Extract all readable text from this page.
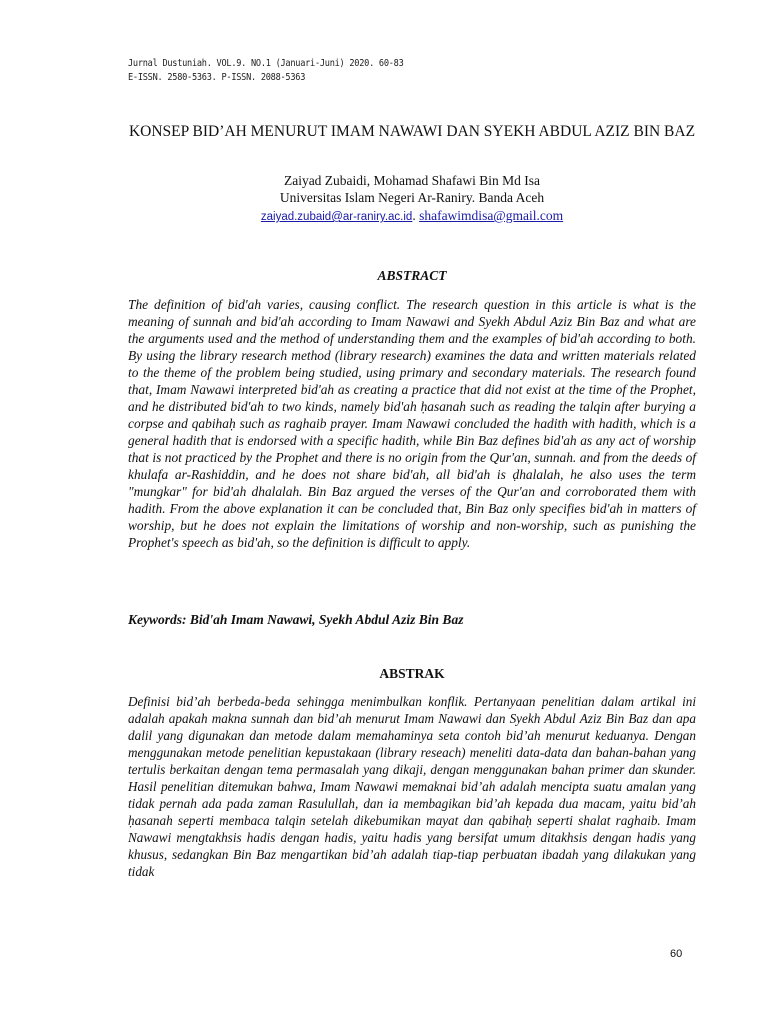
Jurnal Dustuniah. VOL.9. NO.1 (Januari-Juni) 2020. 60-83
E-ISSN. 2580-5363. P-ISSN. 2088-5363
KONSEP BID’AH MENURUT IMAM NAWAWI DAN SYEKH ABDUL AZIZ BIN BAZ
Zaiyad Zubaidi, Mohamad Shafawi Bin Md Isa
Universitas Islam Negeri Ar-Raniry. Banda Aceh
zaiyad.zubaid@ar-raniry.ac.id. shafawimdisa@gmail.com
ABSTRACT

The definition of bid'ah varies, causing conflict. The research question in this article is what is the meaning of sunnah and bid'ah according to Imam Nawawi and Syekh Abdul Aziz Bin Baz and what are the arguments used and the method of understanding them and the examples of bid'ah according to both. By using the library research method (library research) examines the data and written materials related to the theme of the problem being studied, using primary and secondary materials. The research found that, Imam Nawawi interpreted bid'ah as creating a practice that did not exist at the time of the Prophet, and he distributed bid'ah to two kinds, namely bid'ah ḥasanah such as reading the talqin after burying a corpse and qabihaḥ such as raghaib prayer. Imam Nawawi concluded the hadith with hadith, which is a general hadith that is endorsed with a specific hadith, while Bin Baz defines bid'ah as any act of worship that is not practiced by the Prophet and there is no origin from the Qur'an, sunnah. and from the deeds of khulafa ar-Rashiddin, and he does not share bid'ah, all bid'ah is ḍhalalah, he also uses the term "mungkar" for bid'ah dhalalah. Bin Baz argued the verses of the Qur'an and corroborated them with hadith. From the above explanation it can be concluded that, Bin Baz only specifies bid'ah in matters of worship, but he does not explain the limitations of worship and non-worship, such as punishing the Prophet's speech as bid'ah, so the definition is difficult to apply.

Keywords: Bid'ah Imam Nawawi, Syekh Abdul Aziz Bin Baz
ABSTRAK

Definisi bid’ah berbeda-beda sehingga menimbulkan konflik. Pertanyaan penelitian dalam artikal ini adalah apakah makna sunnah dan bid’ah menurut Imam Nawawi dan Syekh Abdul Aziz Bin Baz dan apa dalil yang digunakan dan metode dalam memahaminya seta contoh bid’ah menurut keduanya. Dengan menggunakan metode penelitian kepustakaan (library reseach) meneliti data-data dan bahan-bahan yang tertulis berkaitan dengan tema permasalah yang dikaji, dengan menggunakan bahan primer dan skunder. Hasil penelitian ditemukan bahwa, Imam Nawawi memaknai bid’ah adalah mencipta suatu amalan yang tidak pernah ada pada zaman Rasulullah, dan ia membagikan bid’ah kepada dua macam, yaitu bid’ah ḥasanah seperti membaca talqin setelah dikebumikan mayat dan qabihaḥ seperti shalat raghaib. Imam Nawawi mengtakhsis hadis dengan hadis, yaitu hadis yang bersifat umum ditakhsis dengan hadis yang khusus, sedangkan Bin Baz mengartikan bid’ah adalah tiap-tiap perbuatan ibadah yang dilakukan yang tidak

60
